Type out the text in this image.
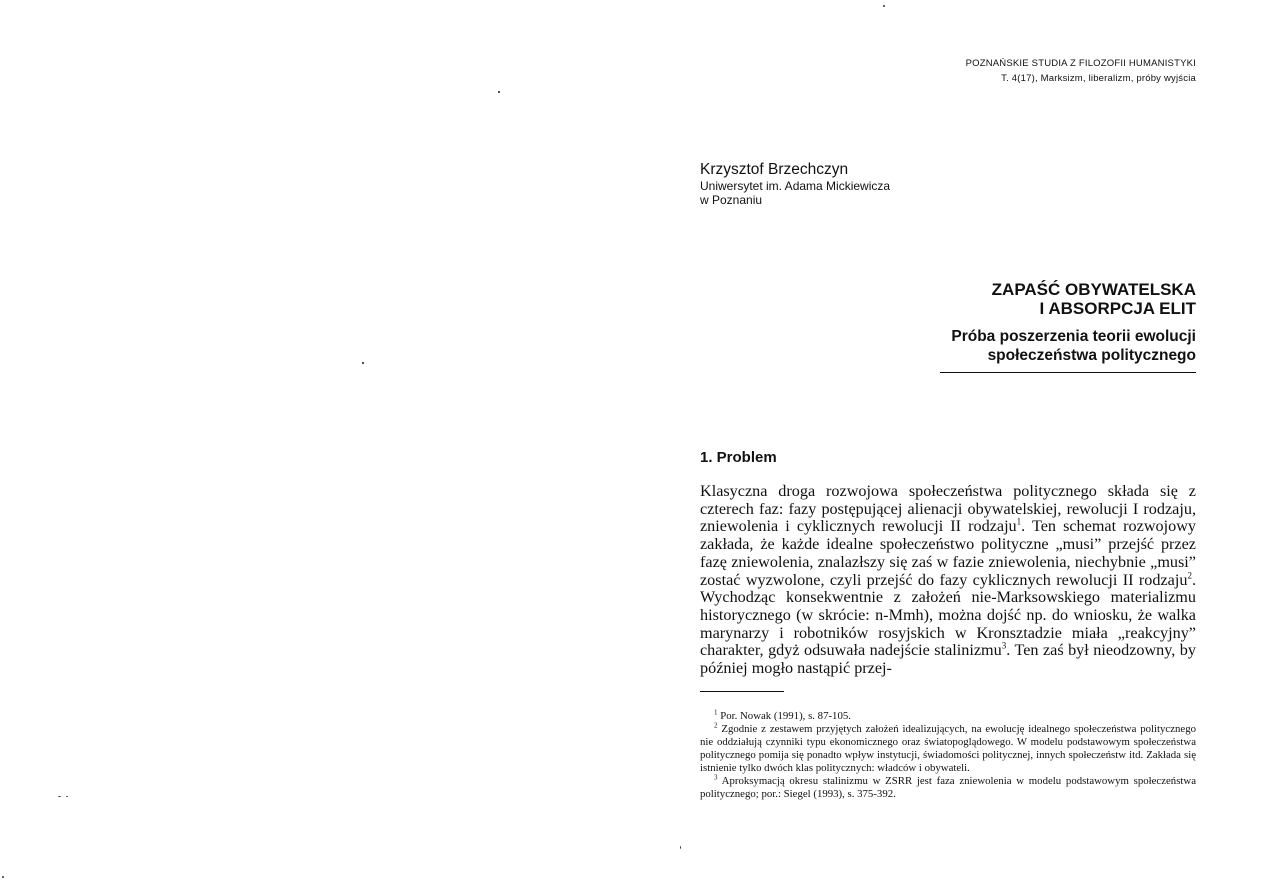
POZNAŃSKIE STUDIA Z FILOZOFII HUMANISTYKI
T. 4(17), Marksizm, liberalizm, próby wyjścia
Krzysztof Brzechczyn
Uniwersytet im. Adama Mickiewicza
w Poznaniu
ZAPAŚĆ OBYWATELSKA
I ABSORPCJA ELIT
Próba poszerzenia teorii ewolucji
społeczeństwa politycznego
1. Problem
Klasyczna droga rozwojowa społeczeństwa politycznego składa się z czterech faz: fazy postępującej alienacji obywatelskiej, rewolucji I rodzaju, zniewolenia i cyklicznych rewolucji II rodzaju$^1$. Ten schemat rozwojowy zakłada, że każde idealne społeczeństwo polityczne „musi” przejść przez fazę zniewolenia, znalazłszy się zaś w fazie zniewolenia, niechybnie „musi” zostać wyzwolone, czyli przejść do fazy cyklicznych rewolucji II rodzaju$^2$. Wychodząc konsekwentnie z założeń nie-Marksowskiego materializmu historycznego (w skrócie: n-Mmh), można dojść np. do wniosku, że walka marynarzy i robotników rosyjskich w Kronsztadzie miała „reakcyjny” charakter, gdyż odsuwała nadejście stalinizmu$^3$. Ten zaś był nieodzowny, by później mogło nastąpić przej-
$^1$ Por. Nowak (1991), s. 87-105.
$^2$ Zgodnie z zestawem przyjętych założeń idealizujących, na ewolucję idealnego społeczeństwa politycznego nie oddziałują czynniki typu ekonomicznego oraz światopoglądowego. W modelu podstawowym społeczeństwa politycznego pomija się ponadto wpływ instytucji, świadomości politycznej, innych społeczeństw itd. Zakłada się istnienie tylko dwóch klas politycznych: władców i obywateli.
$^3$ Aproksymacją okresu stalinizmu w ZSRR jest faza zniewolenia w modelu podstawowym społeczeństwa politycznego; por.: Siegel (1993), s. 375-392.
